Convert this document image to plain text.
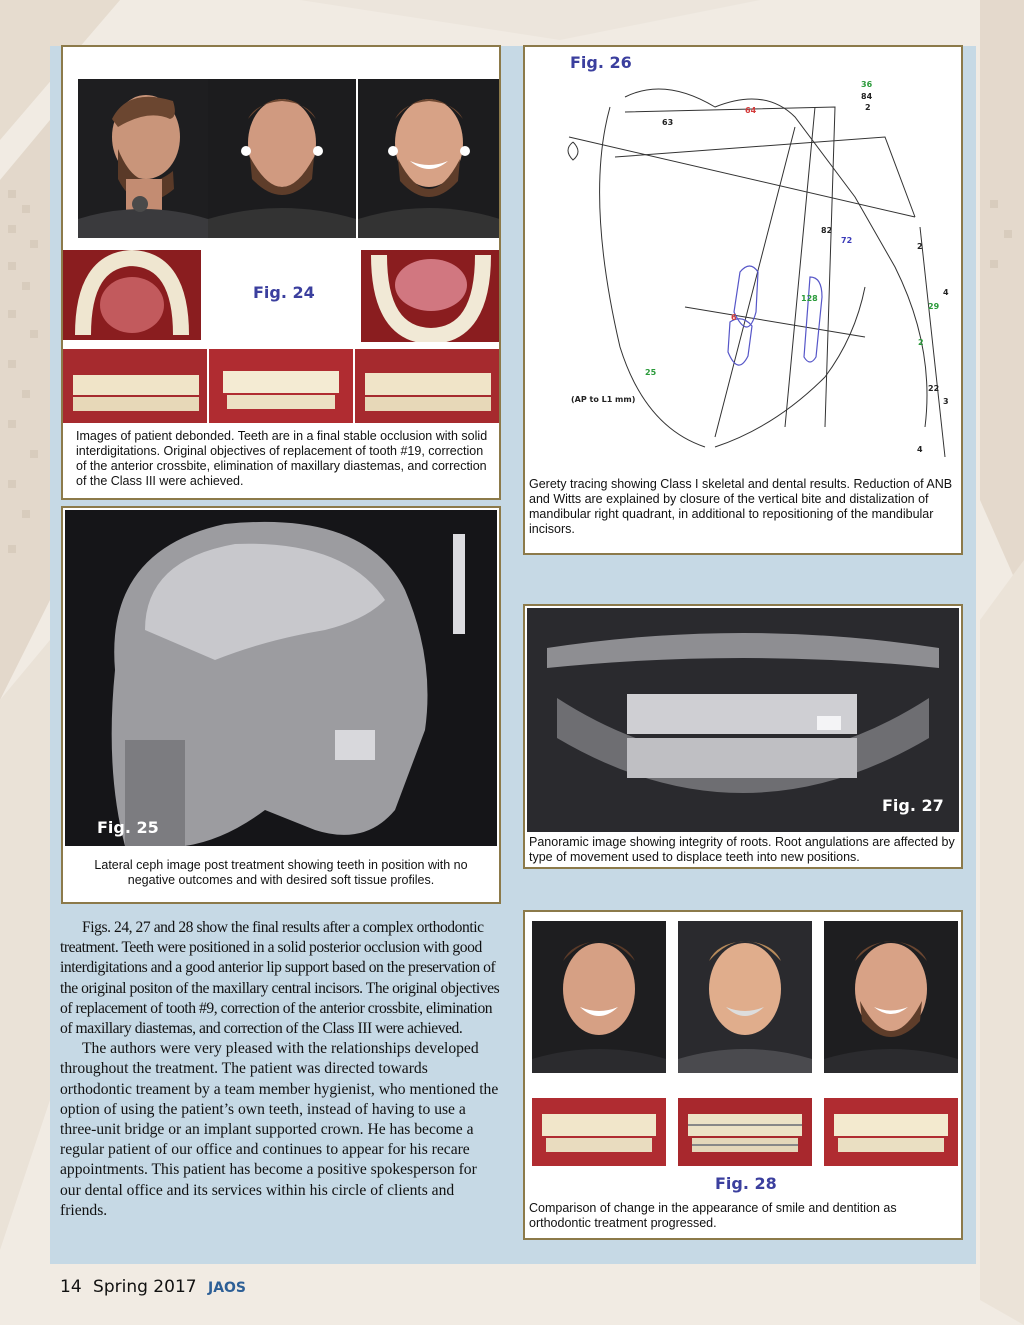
Fig. 24
Images of patient debonded. Teeth are in a final stable occlusion with solid interdigitations. Original objectives of replacement of tooth #19, correction of the anterior crossbite, elimination of maxillary diastemas, and correction of the Class III were achieved.
Fig. 26
36
84
2
64
63
82
72
2
4
29
128
6
2
25
(AP to L1 mm)
22
3
4
Gerety tracing showing Class I skeletal and dental results. Reduction of ANB and Witts are explained by closure of the vertical bite and distalization of mandibular right quadrant, in additional to repositioning of the mandibular incisors.
Fig. 25
Lateral ceph image post treatment showing teeth in position with no negative outcomes and with desired soft tissue profiles.
Fig. 27
Panoramic image showing integrity of roots. Root angulations are affected by type of movement used to displace teeth into new positions.
Fig. 28
Comparison of change in the appearance of smile and dentition as orthodontic treatment progressed.

Figs. 24, 27 and 28 show the final results after a complex orthodontic treatment. Teeth were positioned in a solid posterior occlusion with good interdigitations and a good anterior lip support based on the preservation of the original positon of the maxillary central incisors. The original objectives of replacement of tooth #9, correction of the anterior crossbite, elimination of maxillary diastemas, and correction of the Class III were achieved.

The authors were very pleased with the relationships developed throughout the treatment. The patient was directed towards orthodontic treament by a team member hygienist, who mentioned the option of using the patient’s own teeth, instead of having to use a three-unit bridge or an implant supported crown. He has become a regular patient of our office and continues to appear for his recare appointments. This patient has become a positive spokesperson for our dental office and its services within his circle of clients and friends.

14 Spring 2017 JAOS
